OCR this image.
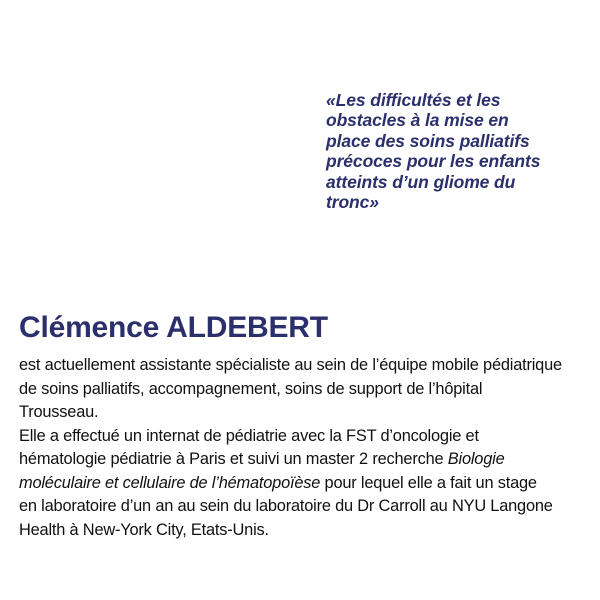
«Les difficultés et les
obstacles à la mise en
place des soins palliatifs
précoces pour les enfants
atteints d’un gliome du
tronc»

Clémence ALDEBERT

est actuellement assistante spécialiste au sein de l’équipe mobile pédiatrique
de soins palliatifs, accompagnement, soins de support de l’hôpital
Trousseau.
Elle a effectué un internat de pédiatrie avec la FST d’oncologie et
hématologie pédiatrie à Paris et suivi un master 2 recherche Biologie
moléculaire et cellulaire de l’hématopoïèse pour lequel elle a fait un stage
en laboratoire d’un an au sein du laboratoire du Dr Carroll au NYU Langone
Health à New-York City, Etats-Unis.
